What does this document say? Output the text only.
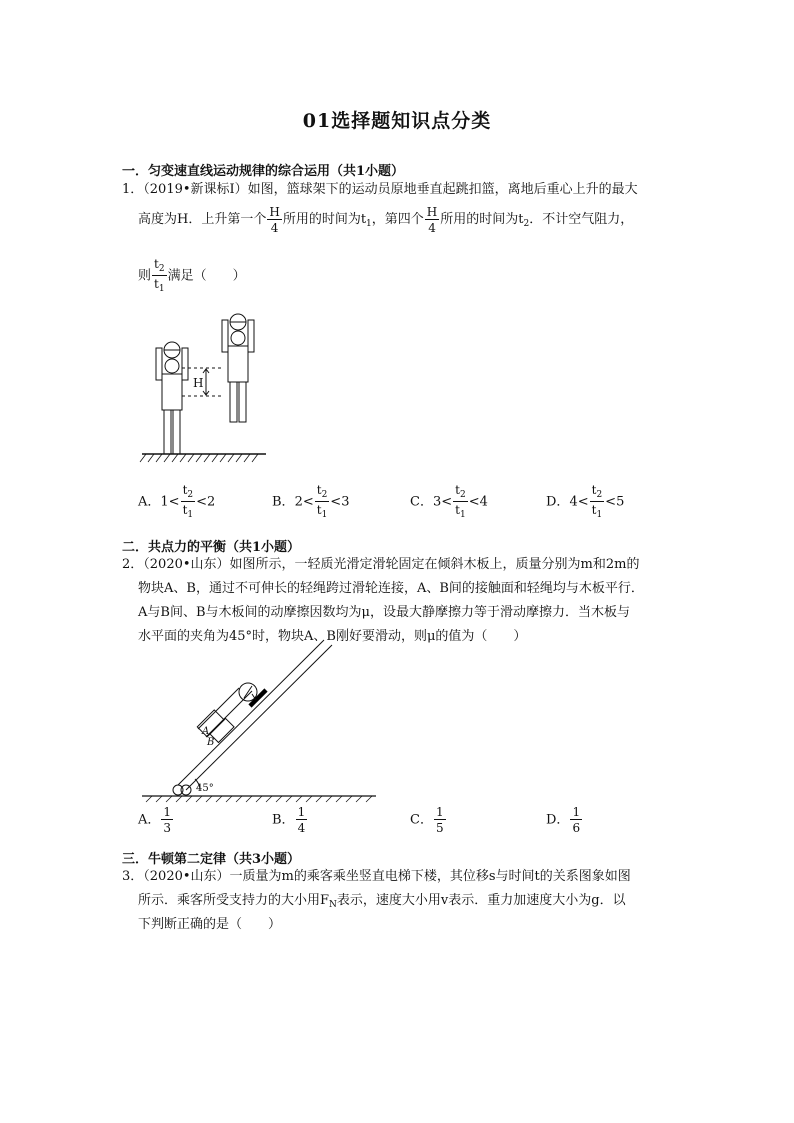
01选择题知识点分类
一．匀变速直线运动规律的综合运用（共1小题）
1．（2019•新课标Ⅰ）如图，篮球架下的运动员原地垂直起跳扣篮，离地后重心上升的最大
高度为H．上升第一个 $\frac{H}{4}$ 所用的时间为$t_1$，第四个 $\frac{H}{4}$ 所用的时间为$t_2$．不计空气阻力，
则 $\frac{t_2}{t_1}$ 满足（　　）
H
A．$1< \frac{t_2}{t_1} <2$	B．$2< \frac{t_2}{t_1} <3$	C．$3< \frac{t_2}{t_1} <4$	D．$4< \frac{t_2}{t_1} <5$
二．共点力的平衡（共1小题）
2．（2020•山东）如图所示，一轻质光滑定滑轮固定在倾斜木板上，质量分别为m和2m的
物块A、B，通过不可伸长的轻绳跨过滑轮连接，A、B间的接触面和轻绳均与木板平行．
A与B间、B与木板间的动摩擦因数均为μ，设最大静摩擦力等于滑动摩擦力．当木板与
水平面的夹角为45°时，物块A、B刚好要滑动，则μ的值为（　　）
A
B
45°
A． $\frac{1}{3}$	B． $\frac{1}{4}$	C． $\frac{1}{5}$	D． $\frac{1}{6}$
三．牛顿第二定律（共3小题）
3．（2020•山东）一质量为m的乘客乘坐竖直电梯下楼，其位移s与时间t的关系图象如图
所示．乘客所受支持力的大小用$F_N$表示，速度大小用v表示．重力加速度大小为g．以
下判断正确的是（　　）
